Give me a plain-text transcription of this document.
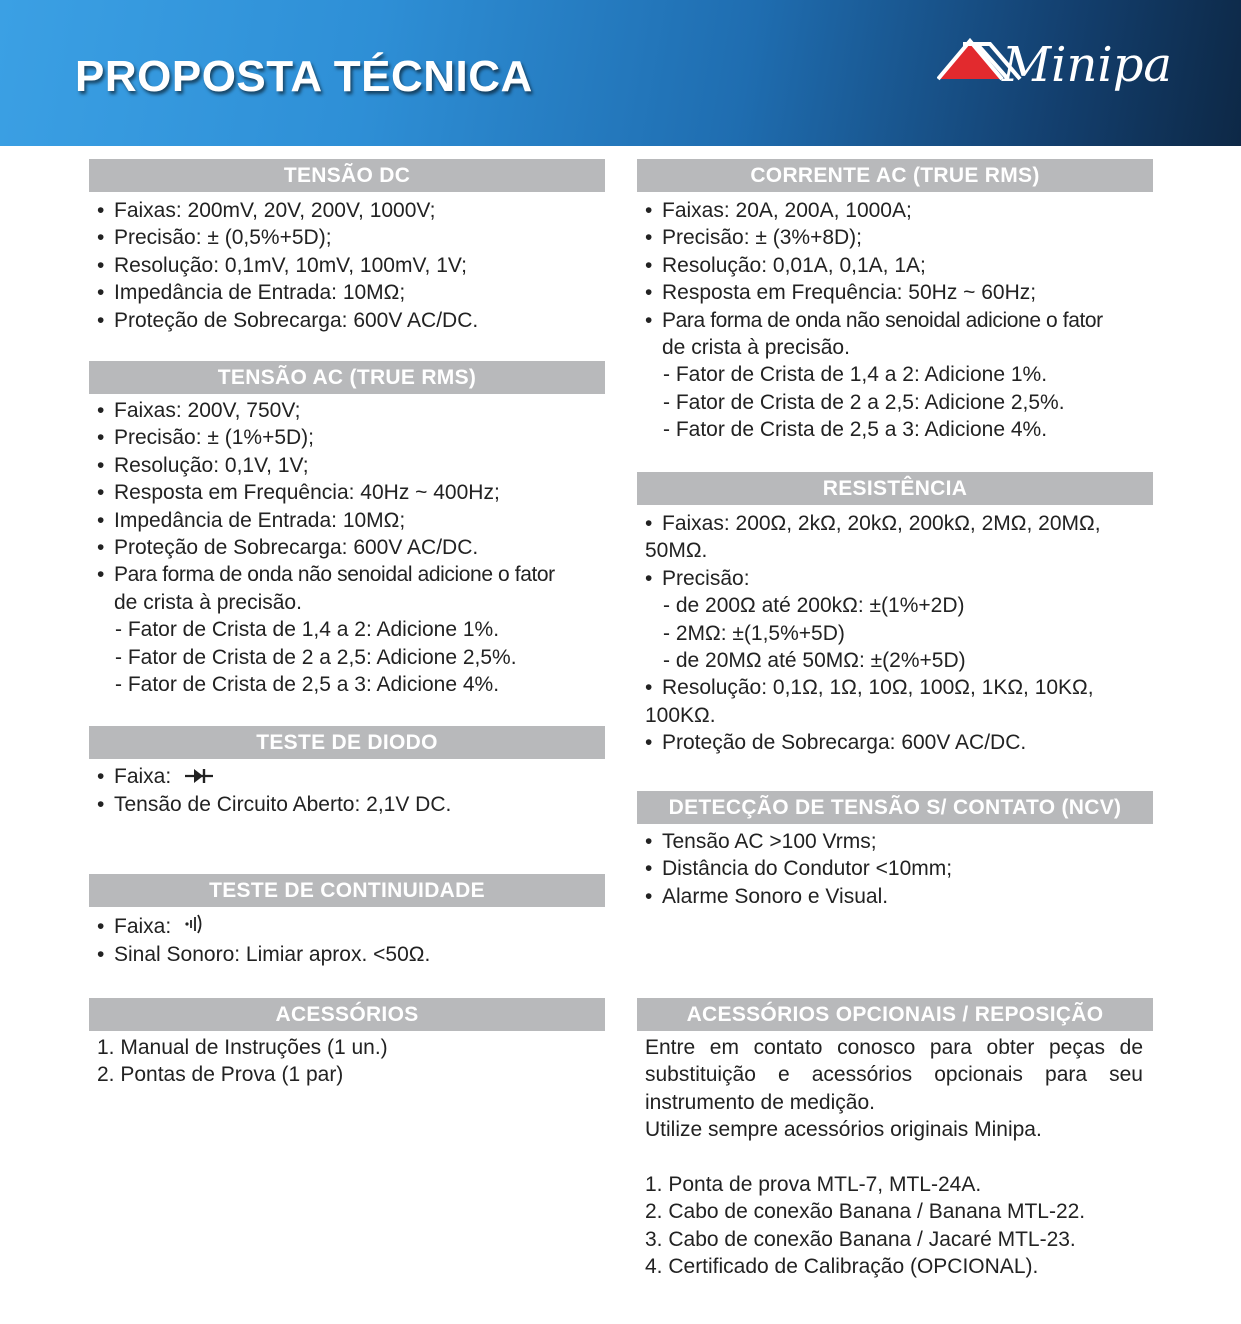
PROPOSTA TÉCNICA	Minipa
TENSÃO DC
• Faixas: 200mV, 20V, 200V, 1000V;
• Precisão: ± (0,5%+5D);
• Resolução: 0,1mV, 10mV, 100mV, 1V;
• Impedância de Entrada: 10MΩ;
• Proteção de Sobrecarga: 600V AC/DC.
TENSÃO AC (TRUE RMS)
• Faixas: 200V, 750V;
• Precisão: ± (1%+5D);
• Resolução: 0,1V, 1V;
• Resposta em Frequência: 40Hz ~ 400Hz;
• Impedância de Entrada: 10MΩ;
• Proteção de Sobrecarga: 600V AC/DC.
• Para forma de onda não senoidal adicione o fator
de crista à precisão.
- Fator de Crista de 1,4 a 2: Adicione 1%.
- Fator de Crista de 2 a 2,5: Adicione 2,5%.
- Fator de Crista de 2,5 a 3: Adicione 4%.
TESTE DE DIODO
• Faixa:
• Tensão de Circuito Aberto: 2,1V DC.
TESTE DE CONTINUIDADE
• Faixa:
• Sinal Sonoro: Limiar aprox. <50Ω.
ACESSÓRIOS
1. Manual de Instruções (1 un.)
2. Pontas de Prova (1 par)
CORRENTE AC (TRUE RMS)
• Faixas: 20A, 200A, 1000A;
• Precisão: ± (3%+8D);
• Resolução: 0,01A, 0,1A, 1A;
• Resposta em Frequência: 50Hz ~ 60Hz;
• Para forma de onda não senoidal adicione o fator
de crista à precisão.
- Fator de Crista de 1,4 a 2: Adicione 1%.
- Fator de Crista de 2 a 2,5: Adicione 2,5%.
- Fator de Crista de 2,5 a 3: Adicione 4%.
RESISTÊNCIA
• Faixas: 200Ω, 2kΩ, 20kΩ, 200kΩ, 2MΩ, 20MΩ,
50MΩ.
• Precisão:
- de 200Ω até 200kΩ: ±(1%+2D)
- 2MΩ: ±(1,5%+5D)
- de 20MΩ até 50MΩ: ±(2%+5D)
• Resolução: 0,1Ω, 1Ω, 10Ω, 100Ω, 1KΩ, 10KΩ,
100KΩ.
• Proteção de Sobrecarga: 600V AC/DC.
DETECÇÃO DE TENSÃO S/ CONTATO (NCV)
• Tensão AC >100 Vrms;
• Distância do Condutor <10mm;
• Alarme Sonoro e Visual.
ACESSÓRIOS OPCIONAIS / REPOSIÇÃO

Entre em contato conosco para obter peças de substituição e acessórios opcionais para seu instrumento de medição.

Utilize sempre acessórios originais Minipa.

1. Ponta de prova MTL-7, MTL-24A.
2. Cabo de conexão Banana / Banana MTL-22.
3. Cabo de conexão Banana / Jacaré MTL-23.
4. Certificado de Calibração (OPCIONAL).
